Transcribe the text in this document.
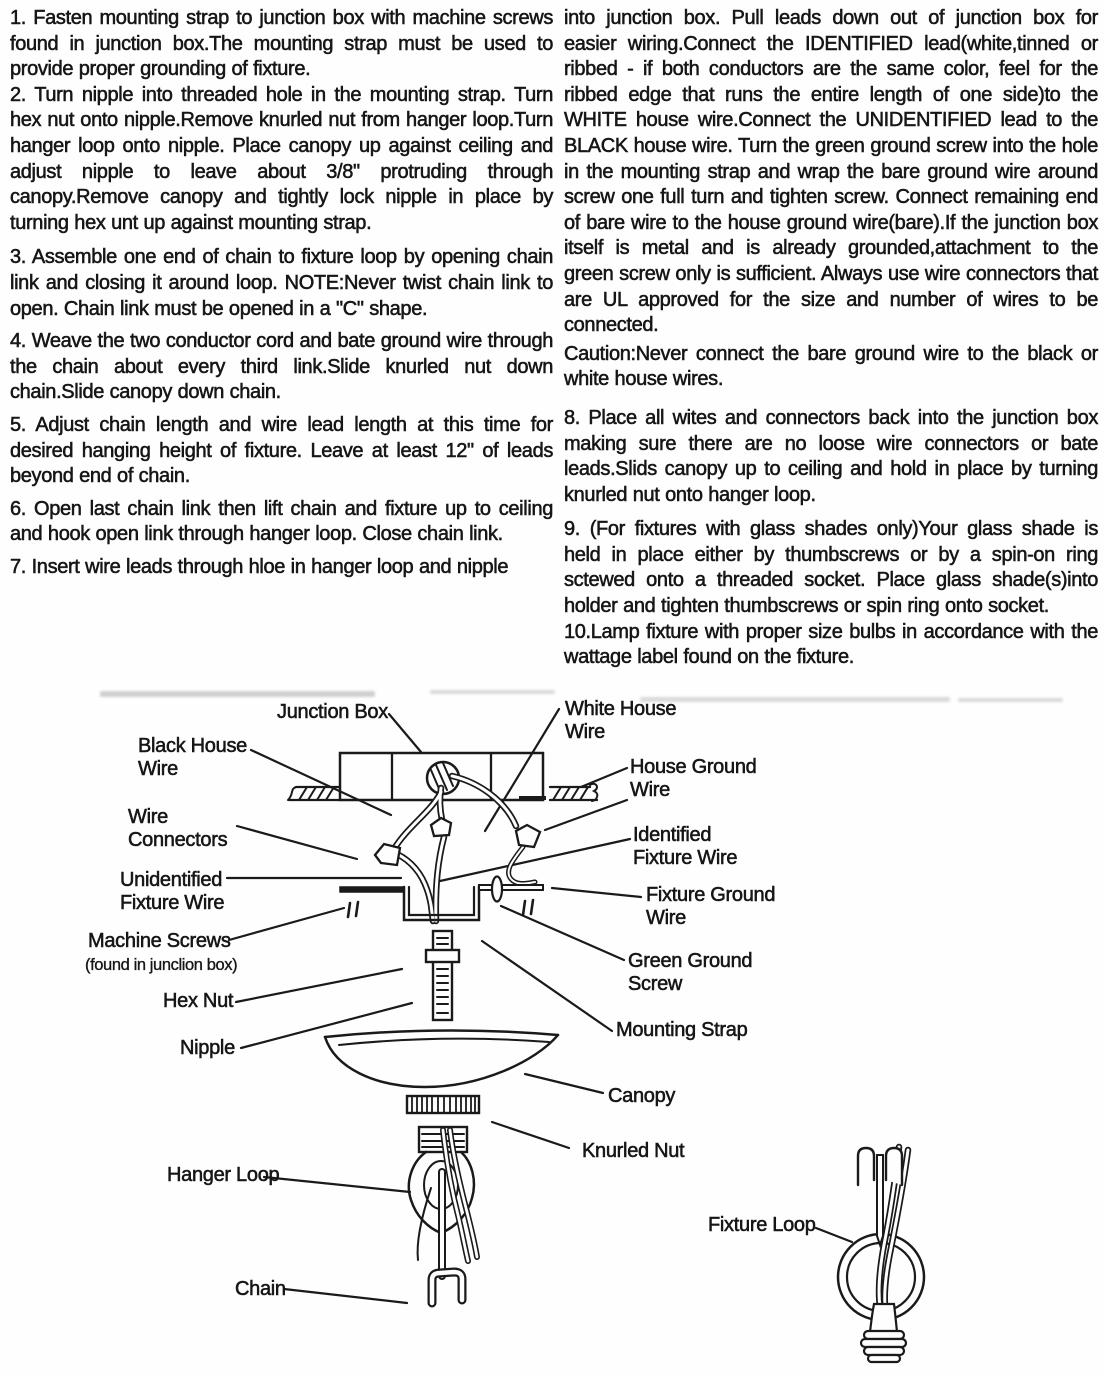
1. Fasten mounting strap to junction box with machine screws found in junction box.The mounting strap must be used to provide proper grounding of fixture.

2. Turn nipple into threaded hole in the mounting strap. Turn hex nut onto nipple.Remove knurled nut from hanger loop.Turn hanger loop onto nipple. Place canopy up against ceiling and adjust nipple to leave about 3/8" protruding through canopy.Remove canopy and tightly lock nipple in place by turning hex unt up against mounting strap.

3. Assemble one end of chain to fixture loop by opening chain link and closing it around loop. NOTE:Never twist chain link to open. Chain link must be opened in a "C" shape.

4. Weave the two conductor cord and bate ground wire through the chain about every third link.Slide knurled nut down chain.Slide canopy down chain.

5. Adjust chain length and wire lead length at this time for desired hanging height of fixture. Leave at least 12" of leads beyond end of chain.

6. Open last chain link then lift chain and fixture up to ceiling and hook open link through hanger loop. Close chain link.

7. Insert wire leads through hloe in hanger loop and nipple

into junction box. Pull leads down out of junction box for easier wiring.Connect the IDENTIFIED lead(white,tinned or ribbed - if both conductors are the same color, feel for the ribbed edge that runs the entire length of one side)to the WHITE house wire.Connect the UNIDENTIFIED lead to the BLACK house wire. Turn the green ground screw into the hole in the mounting strap and wrap the bare ground wire around screw one full turn and tighten screw. Connect remaining end of bare wire to the house ground wire(bare).If the junction box itself is metal and is already grounded,attachment to the green screw only is sufficient. Always use wire connectors that are UL approved for the size and number of wires to be connected.

Caution:Never connect the bare ground wire to the black or white house wires.

8. Place all wites and connectors back into the junction box making sure there are no loose wire connectors or bate leads.Slids canopy up to ceiling and hold in place by turning knurled nut onto hanger loop.

9. (For fixtures with glass shades only)Your glass shade is held in place either by thumbscrews or by a spin-on ring sctewed onto a threaded socket. Place glass shade(s)into holder and tighten thumbscrews or spin ring onto socket.

10.Lamp fixture with proper size bulbs in accordance with the wattage label found on the fixture.

Junction Box	White House Wire
Black House Wire	House Ground Wire
Wire Connectors	Identified Fixture Wire
Unidentified Fixture Wire	Fixture Ground Wire
Machine Screws
(found in junclion box)	Green Ground Screw
Hex Nut
Mounting Strap
Nipple
Canopy
Knurled Nut
Hanger Loop
Fixture Loop
Chain
